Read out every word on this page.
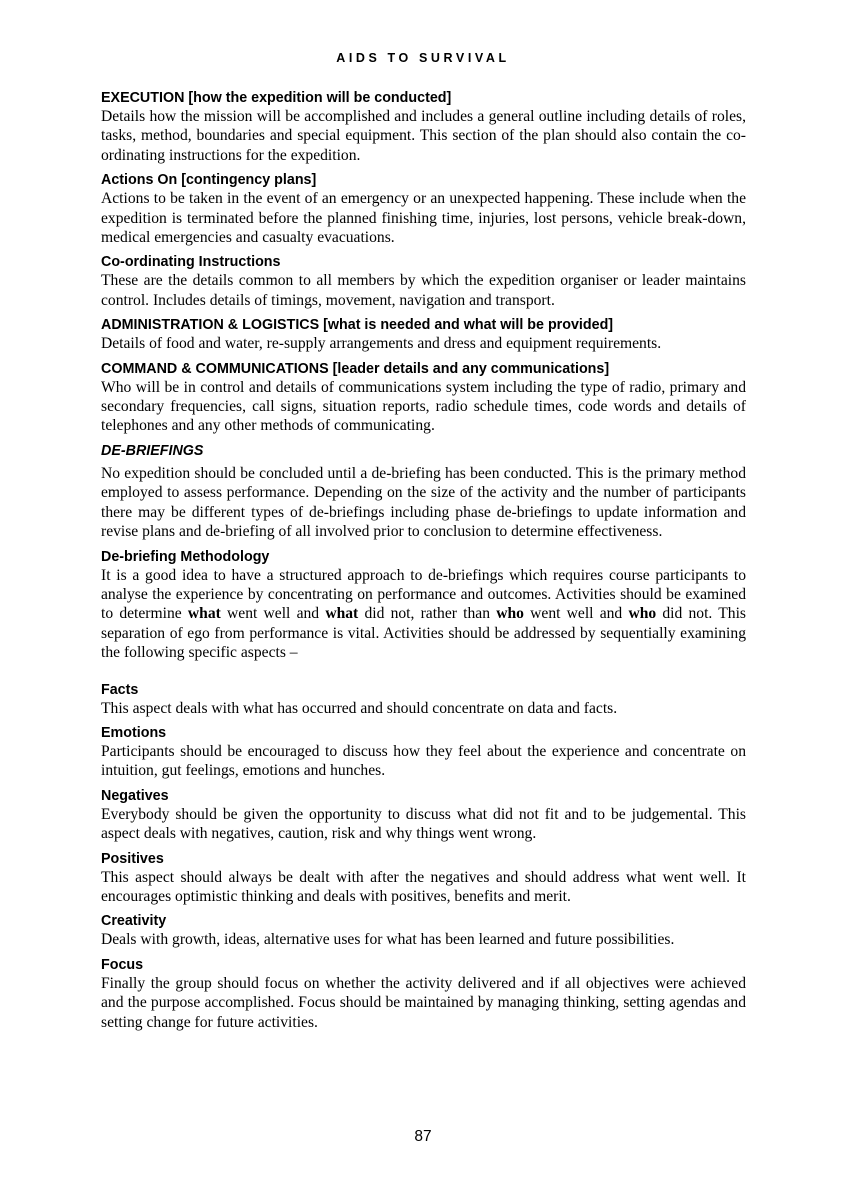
AIDS TO SURVIVAL

EXECUTION [how the expedition will be conducted]

Details how the mission will be accomplished and includes a general outline including details of roles, tasks, method, boundaries and special equipment. This section of the plan should also contain the co-ordinating instructions for the expedition.

Actions On [contingency plans]

Actions to be taken in the event of an emergency or an unexpected happening. These include when the expedition is terminated before the planned finishing time, injuries, lost persons, vehicle break-down, medical emergencies and casualty evacuations.

Co-ordinating Instructions

These are the details common to all members by which the expedition organiser or leader maintains control. Includes details of timings, movement, navigation and transport.

ADMINISTRATION & LOGISTICS [what is needed and what will be provided]

Details of food and water, re-supply arrangements and dress and equipment requirements.

COMMAND & COMMUNICATIONS [leader details and any communications]

Who will be in control and details of communications system including the type of radio, primary and secondary frequencies, call signs, situation reports, radio schedule times, code words and details of telephones and any other methods of communicating.

DE-BRIEFINGS

No expedition should be concluded until a de-briefing has been conducted. This is the primary method employed to assess performance. Depending on the size of the activity and the number of participants there may be different types of de-briefings including phase de-briefings to update information and revise plans and de-briefing of all involved prior to conclusion to determine effectiveness.

De-briefing Methodology

It is a good idea to have a structured approach to de-briefings which requires course participants to analyse the experience by concentrating on performance and outcomes. Activities should be examined to determine what went well and what did not, rather than who went well and who did not. This separation of ego from performance is vital. Activities should be addressed by sequentially examining the following specific aspects –

Facts

This aspect deals with what has occurred and should concentrate on data and facts.

Emotions

Participants should be encouraged to discuss how they feel about the experience and concentrate on intuition, gut feelings, emotions and hunches.

Negatives

Everybody should be given the opportunity to discuss what did not fit and to be judgemental. This aspect deals with negatives, caution, risk and why things went wrong.

Positives

This aspect should always be dealt with after the negatives and should address what went well. It encourages optimistic thinking and deals with positives, benefits and merit.

Creativity

Deals with growth, ideas, alternative uses for what has been learned and future possibilities.

Focus

Finally the group should focus on whether the activity delivered and if all objectives were achieved and the purpose accomplished. Focus should be maintained by managing thinking, setting agendas and setting change for future activities.

87
